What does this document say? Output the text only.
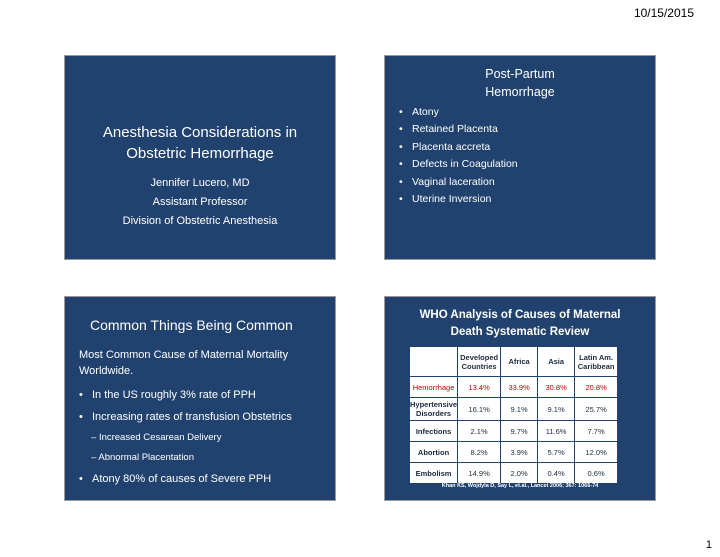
10/15/2015
Anesthesia Considerations in
Obstetric Hemorrhage
Jennifer Lucero, MD
Assistant Professor
Division of Obstetric Anesthesia
Post-Partum
Hemorrhage
• Atony
• Retained Placenta
• Placenta accreta
• Defects in Coagulation
• Vaginal laceration
• Uterine Inversion
Common Things Being Common
Most Common Cause of Maternal Mortality
Worldwide.
• In the US roughly 3% rate of PPH
• Increasing rates of transfusion Obstetrics
– Increased Cesarean Delivery
– Abnormal Placentation
• Atony 80% of causes of Severe PPH
WHO Analysis of Causes of Maternal
Death Systematic Review
	Developed Countries	Africa	Asia	Latin Am. Caribbean
Hemorrhage	13.4%	33.9%	30.8%	20.8%
Hypertensive Disorders	16.1%	9.1%	9.1%	25.7%
Infections	2.1%	9.7%	11.6%	7.7%
Abortion	8.2%	3.9%	5.7%	12.0%
Embolism	14.9%	2.0%	0.4%	0.6%
Khan KS, Wojdyla D, Say L, et.al., Lancet 2006; 367: 1066-74
1
